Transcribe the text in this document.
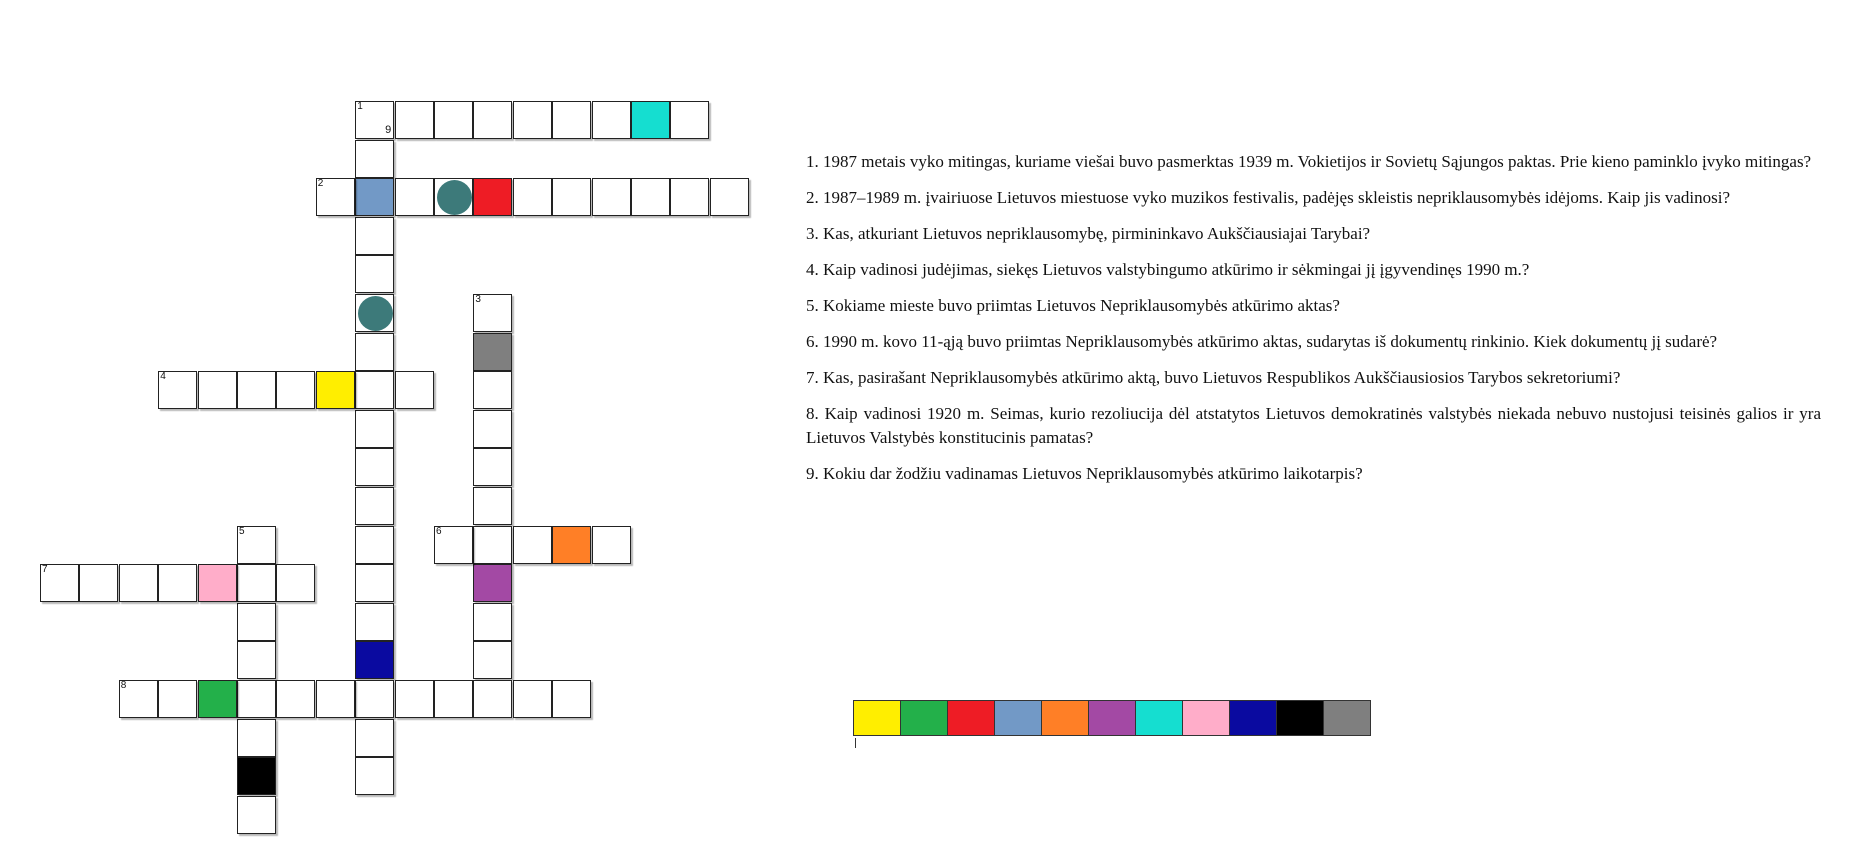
1
9
2
3
4
5	6
7
8

1. 1987 metais vyko mitingas, kuriame viešai buvo pasmerktas 1939 m. Vokietijos ir Sovietų Sąjungos paktas. Prie kieno paminklo įvyko mitingas?

2. 1987–1989 m. įvairiuose Lietuvos miestuose vyko muzikos festivalis, padėjęs skleistis nepriklausomybės idėjoms. Kaip jis vadinosi?

3. Kas, atkuriant Lietuvos nepriklausomybę, pirmininkavo Aukščiausiajai Tarybai?

4. Kaip vadinosi judėjimas, siekęs Lietuvos valstybingumo atkūrimo ir sėkmingai jį įgyvendinęs 1990 m.?

5. Kokiame mieste buvo priimtas Lietuvos Nepriklausomybės atkūrimo aktas?

6. 1990 m. kovo 11-ąją buvo priimtas Nepriklausomybės atkūrimo aktas, sudarytas iš dokumentų rinkinio. Kiek dokumentų jį sudarė?

7. Kas, pasirašant Nepriklausomybės atkūrimo aktą, buvo Lietuvos Respublikos Aukščiausiosios Tarybos sekretoriumi?

8. Kaip vadinosi 1920 m. Seimas, kurio rezoliucija dėl atstatytos Lietuvos demokratinės valstybės niekada nebuvo nustojusi teisinės galios ir yra Lietuvos Valstybės konstitucinis pamatas?

9. Kokiu dar žodžiu vadinamas Lietuvos Nepriklausomybės atkūrimo laikotarpis?
